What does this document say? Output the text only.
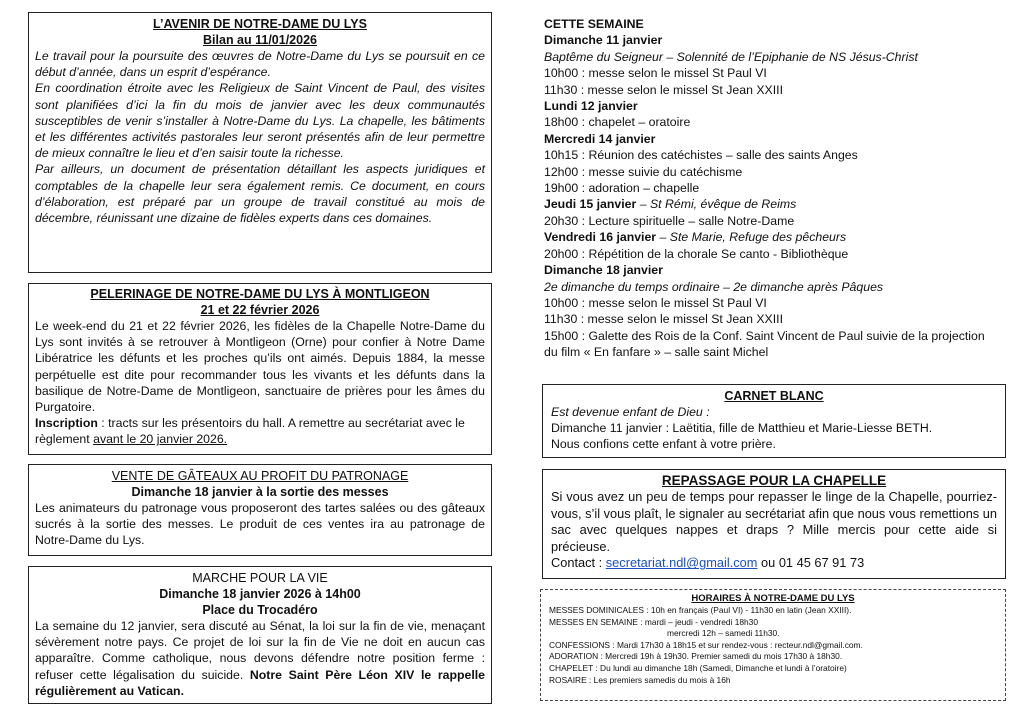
L’AVENIR DE NOTRE-DAME DU LYS
Bilan au 11/01/2026

Le travail pour la poursuite des œuvres de Notre-Dame du Lys se poursuit en ce début d’année, dans un esprit d’espérance.

En coordination étroite avec les Religieux de Saint Vincent de Paul, des visites sont planifiées d’ici la fin du mois de janvier avec les deux communautés susceptibles de venir s’installer à Notre-Dame du Lys. La chapelle, les bâtiments et les différentes activités pastorales leur seront présentés afin de leur permettre de mieux connaître le lieu et d’en saisir toute la richesse.

Par ailleurs, un document de présentation détaillant les aspects juridiques et comptables de la chapelle leur sera également remis. Ce document, en cours d’élaboration, est préparé par un groupe de travail constitué au mois de décembre, réunissant une dizaine de fidèles experts dans ces domaines.

PELERINAGE DE NOTRE-DAME DU LYS À MONTLIGEON
21 et 22 février 2026

Le week-end du 21 et 22 février 2026, les fidèles de la Chapelle Notre-Dame du Lys sont invités à se retrouver à Montligeon (Orne) pour confier à Notre Dame Libératrice les défunts et les proches qu’ils ont aimés. Depuis 1884, la messe perpétuelle est dite pour recommander tous les vivants et les défunts dans la basilique de Notre-Dame de Montligeon, sanctuaire de prières pour les âmes du Purgatoire.

Inscription : tracts sur les présentoirs du hall. A remettre au secrétariat avec le règlement avant le 20 janvier 2026.

VENTE DE GÂTEAUX AU PROFIT DU PATRONAGE
Dimanche 18 janvier à la sortie des messes

Les animateurs du patronage vous proposeront des tartes salées ou des gâteaux sucrés à la sortie des messes. Le produit de ces ventes ira au patronage de Notre-Dame du Lys.

MARCHE POUR LA VIE
Dimanche 18 janvier 2026 à 14h00
Place du Trocadéro

La semaine du 12 janvier, sera discuté au Sénat, la loi sur la fin de vie, menaçant sévèrement notre pays. Ce projet de loi sur la fin de Vie ne doit en aucun cas apparaître. Comme catholique, nous devons défendre notre position ferme : refuser cette légalisation du suicide. Notre Saint Père Léon XIV le rappelle régulièrement au Vatican.

CETTE SEMAINE
Dimanche 11 janvier
Baptême du Seigneur – Solennité de l’Epiphanie de NS Jésus-Christ
10h00 : messe selon le missel St Paul VI
11h30 : messe selon le missel St Jean XXIII
Lundi 12 janvier
18h00 : chapelet – oratoire
Mercredi 14 janvier
10h15 : Réunion des catéchistes – salle des saints Anges
12h00 : messe suivie du catéchisme
19h00 : adoration – chapelle
Jeudi 15 janvier – St Rémi, évêque de Reims
20h30 : Lecture spirituelle – salle Notre-Dame
Vendredi 16 janvier – Ste Marie, Refuge des pêcheurs
20h00 : Répétition de la chorale Se canto - Bibliothèque
Dimanche 18 janvier
2e dimanche du temps ordinaire – 2e dimanche après Pâques
10h00 : messe selon le missel St Paul VI
11h30 : messe selon le missel St Jean XXIII
15h00 : Galette des Rois de la Conf. Saint Vincent de Paul suivie de la projection
du film « En fanfare » – salle saint Michel
CARNET BLANC
Est devenue enfant de Dieu :
Dimanche 11 janvier : Laëtitia, fille de Matthieu et Marie-Liesse BETH.
Nous confions cette enfant à votre prière.
REPASSAGE POUR LA CHAPELLE

Si vous avez un peu de temps pour repasser le linge de la Chapelle, pourriez-vous, s’il vous plaît, le signaler au secrétariat afin que nous vous remettions un sac avec quelques nappes et draps ? Mille mercis pour cette aide si précieuse.

Contact : secretariat.ndl@gmail.com ou 01 45 67 91 73

HORAIRES À NOTRE-DAME DU LYS
MESSES DOMINICALES : 10h en français (Paul VI) - 11h30 en latin (Jean XXIII).
MESSES EN SEMAINE : mardi – jeudi - vendredi 18h30
mercredi 12h – samedi 11h30.
CONFESSIONS : Mardi 17h30 à 18h15 et sur rendez-vous : recteur.ndl@gmail.com.
ADORATION : Mercredi 19h à 19h30. Premier samedi du mois 17h30 à 18h30.
CHAPELET : Du lundi au dimanche 18h (Samedi, Dimanche et lundi à l’oratoire)
ROSAIRE : Les premiers samedis du mois à 16h
